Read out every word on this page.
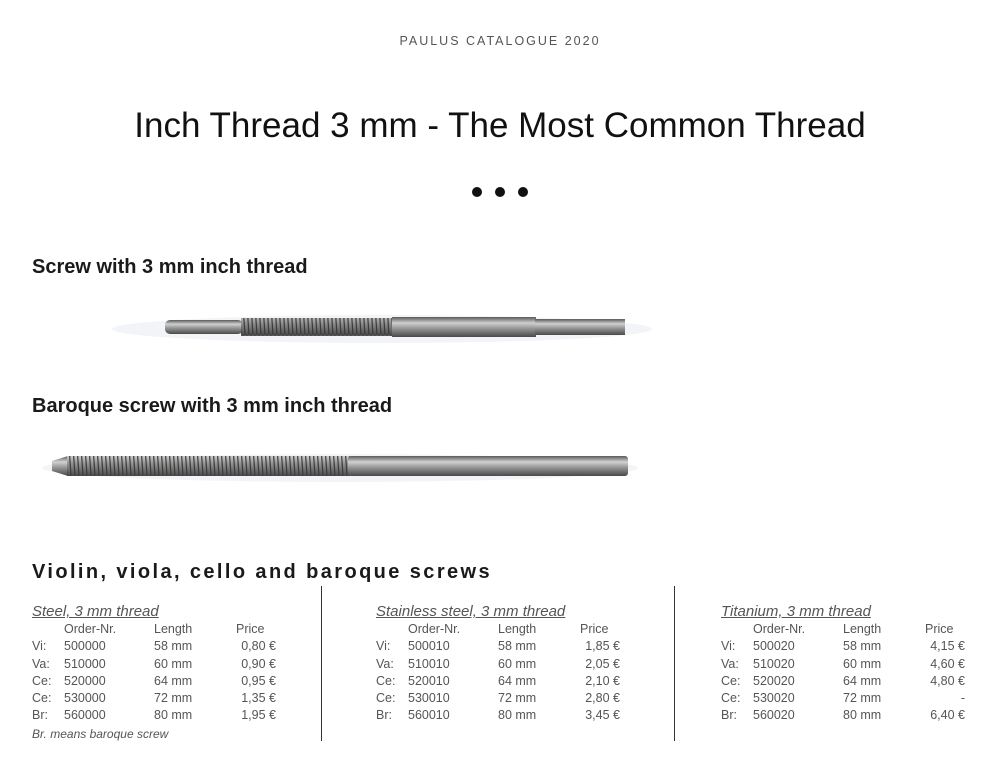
PAULUS CATALOGUE 2020
Inch Thread 3 mm - The Most Common Thread
Screw with 3 mm inch thread
Baroque screw with 3 mm inch thread
Violin, viola, cello and baroque screws
Steel, 3 mm thread
Order-Nr.	Length	Price
Vi:	500000	58 mm	0,80 €
Va:	510000	60 mm	0,90 €
Ce:	520000	64 mm	0,95 €
Ce:	530000	72 mm	1,35 €
Br:	560000	80 mm	1,95 €
Br. means baroque screw
Stainless steel, 3 mm thread
Order-Nr.	Length	Price
Vi:	500010	58 mm	1,85 €
Va:	510010	60 mm	2,05 €
Ce:	520010	64 mm	2,10 €
Ce:	530010	72 mm	2,80 €
Br:	560010	80 mm	3,45 €
Titanium, 3 mm thread
Order-Nr.	Length	Price
Vi:	500020	58 mm	4,15 €
Va:	510020	60 mm	4,60 €
Ce:	520020	64 mm	4,80 €
Ce:	530020	72 mm	-
Br:	560020	80 mm	6,40 €
